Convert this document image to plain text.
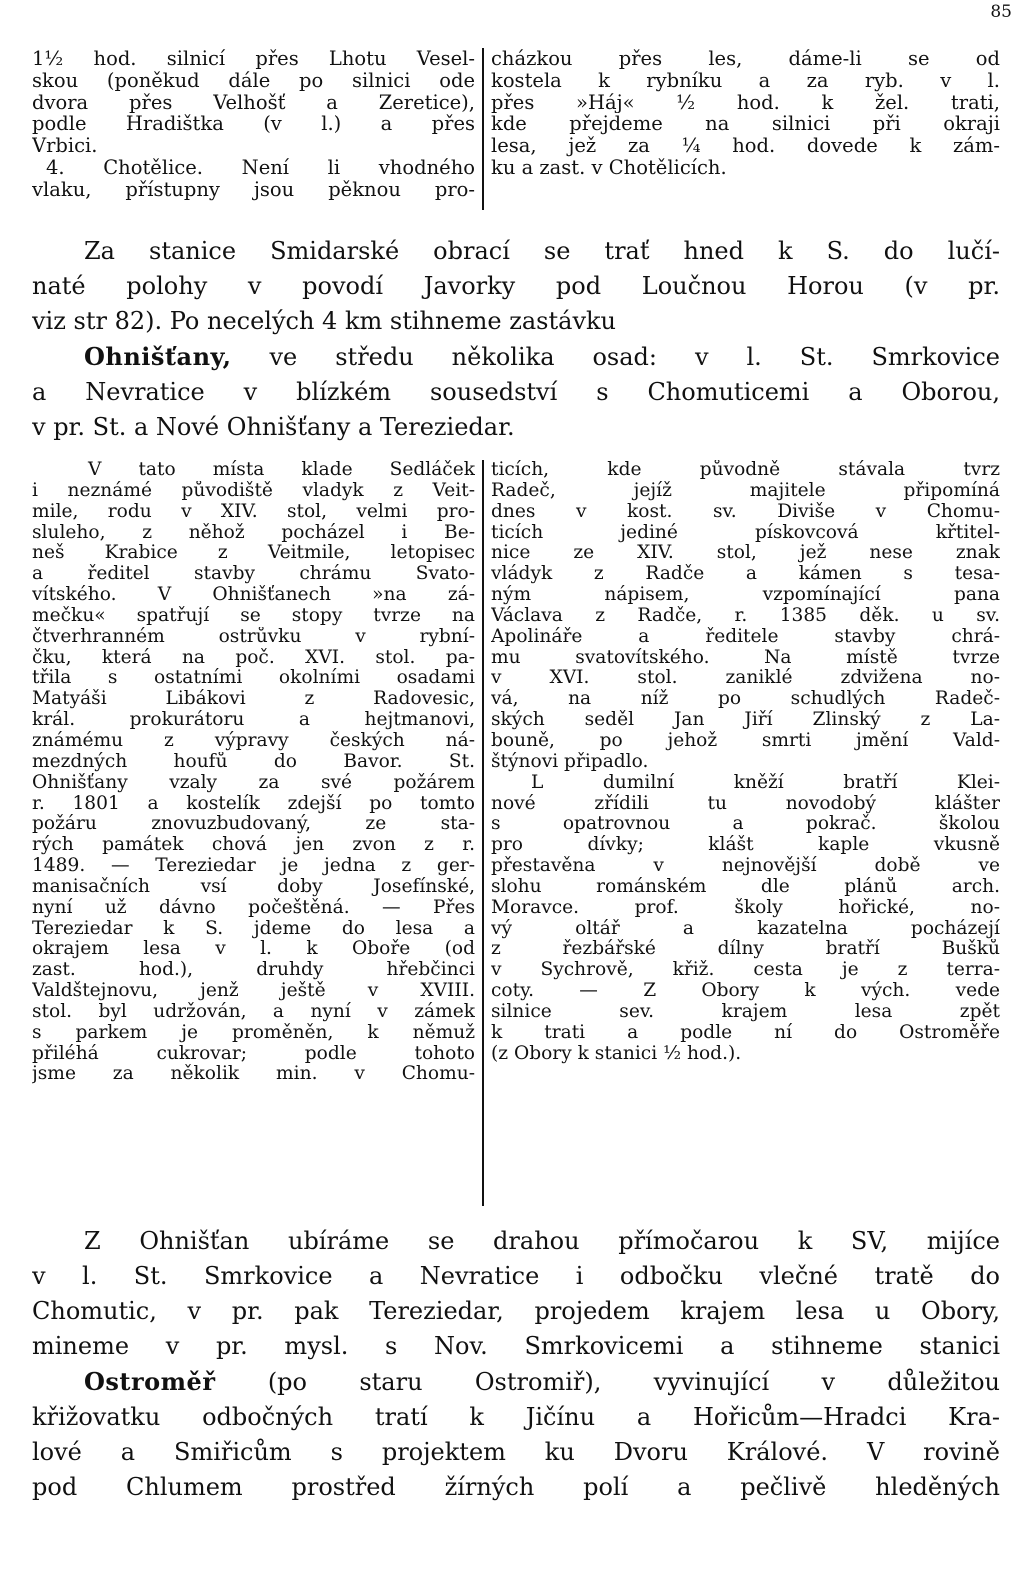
85
1½ hod. silnicí přes Lhotu Vesel-
skou (poněkud dále po silnici ode
dvora přes Velhošť a Zeretice),
podle Hradištka (v l.) a přes
Vrbici.
4. Chotělice. Není li vhodného
vlaku, přístupny jsou pěknou pro-
cházkou přes les, dáme-li se od
kostela k rybníku a za ryb. v l.
přes »Háj« ½ hod. k žel. trati,
kde přejdeme na silnici při okraji
lesa, jež za ¼ hod. dovede k zám-
ku a zast. v Chotělicích.
Za stanice Smidarské obrací se trať hned k S. do lučí-
naté polohy v povodí Javorky pod Loučnou Horou (v pr.
viz str 82). Po necelých 4 km stihneme zastávku
Ohnišťany, ve středu několika osad: v l. St. Smrkovice
a Nevratice v blízkém sousedství s Chomuticemi a Oborou,
v pr. St. a Nové Ohnišťany a Tereziedar.
V tato místa klade Sedláček
i neznámé původiště vladyk z Veit-
mile, rodu v XIV. stol, velmi pro-
sluleho, z něhož pocházel i Be-
neš Krabice z Veitmile, letopisec
a ředitel stavby chrámu Svato-
vítského. V Ohnišťanech »na zá-
mečku« spatřují se stopy tvrze na
čtverhranném ostrůvku v rybní-
čku, která na poč. XVI. stol. pa-
třila s ostatními okolními osadami
Matyáši Libákovi z Radovesic,
král. prokurátoru a hejtmanovi,
známému z výpravy českých ná-
mezdných houfů do Bavor. St.
Ohnišťany vzaly za své požárem
r. 1801 a kostelík zdejší po tomto
požáru znovuzbudovaný, ze sta-
rých památek chová jen zvon z r.
1489. — Tereziedar je jedna z ger-
manisačních vsí doby Josefínské,
nyní už dávno počeštěná. — Přes
Tereziedar k S. jdeme do lesa a
okrajem lesa v l. k Oboře (od
zast. hod.), druhdy hřebčinci
Valdštejnovu, jenž ještě v XVIII.
stol. byl udržován, a nyní v zámek
s parkem je proměněn, k němuž
přiléhá cukrovar; podle tohoto
jsme za několik min. v Chomu-
ticích, kde původně stávala tvrz
Radeč, jejíž majitele připomíná
dnes v kost. sv. Diviše v Chomu-
ticích jediné pískovcová křtitel-
nice ze XIV. stol, jež nese znak
vládyk z Radče a kámen s tesa-
ným nápisem, vzpomínající pana
Václava z Radče, r. 1385 děk. u sv.
Apolináře a ředitele stavby chrá-
mu svatovítského. Na místě tvrze
v XVI. stol. zaniklé zdvižena no-
vá, na níž po schudlých Radeč-
ských seděl Jan Jiří Zlinský z La-
bouně, po jehož smrti jmění Vald-
štýnovi připadlo.
L dumilní kněží bratří Klei-
nové zřídili tu novodobý klášter
s opatrovnou a pokrač. školou
pro dívky; klášt kaple vkusně
přestavěna v nejnovější době ve
slohu románském dle plánů arch.
Moravce. prof. školy hořické, no-
vý oltář a kazatelna pocházejí
z řezbářské dílny bratří Bušků
v Sychrově, křiž. cesta je z terra-
coty. — Z Obory k vých. vede
silnice sev. krajem lesa zpět
k trati a podle ní do Ostroměře
(z Obory k stanici ½ hod.).
Z Ohnišťan ubíráme se drahou přímočarou k SV, mijíce
v l. St. Smrkovice a Nevratice i odbočku vlečné tratě do
Chomutic, v pr. pak Tereziedar, projedem krajem lesa u Obory,
mineme v pr. mysl. s Nov. Smrkovicemi a stihneme stanici
Ostroměř (po staru Ostromiř), vyvinující v důležitou
křižovatku odbočných tratí k Jičínu a Hořicům—Hradci Kra-
lové a Smiřicům s projektem ku Dvoru Králové. V rovině
pod Chlumem prostřed žírných polí a pečlivě hleděných
